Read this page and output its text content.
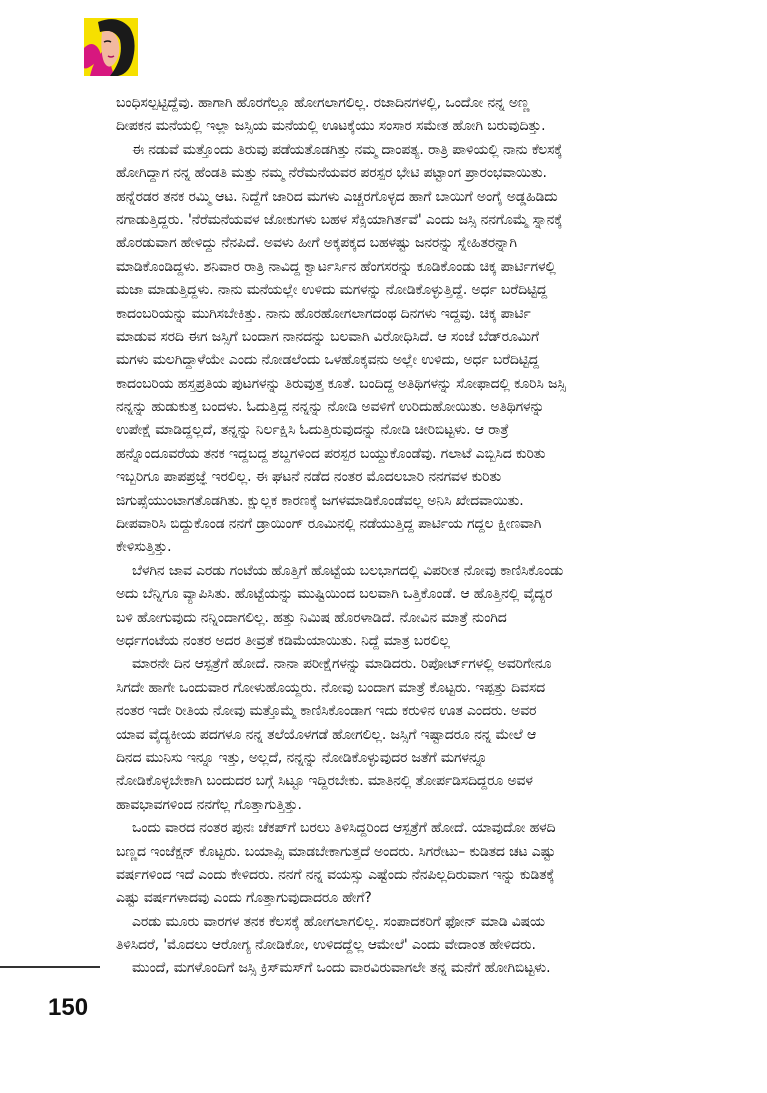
ಬಂಧಿಸಲ್ಪಟ್ಟಿದ್ದೆವು. ಹಾಗಾಗಿ ಹೊರಗೆಲ್ಲೂ ಹೋಗಲಾಗಲಿಲ್ಲ. ರಜಾದಿನಗಳಲ್ಲಿ, ಒಂದೋ ನನ್ನ ಅಣ್ಣ
ದೀಪಕನ ಮನೆಯಲ್ಲಿ ಇಲ್ಲಾ ಜಸ್ಸಿಯ ಮನೆಯಲ್ಲಿ ಊಟಕ್ಕೆಯು ಸಂಸಾರ ಸಮೇತ ಹೋಗಿ ಬರುವುದಿತ್ತು.
ಈ ನಡುವೆ ಮತ್ತೊಂದು ತಿರುವು ಪಡೆಯತೊಡಗಿತ್ತು ನಮ್ಮ ದಾಂಪತ್ಯ. ರಾತ್ರಿ ಪಾಳಿಯಲ್ಲಿ ನಾನು ಕೆಲಸಕ್ಕೆ
ಹೋಗಿದ್ದಾಗ ನನ್ನ ಹೆಂಡತಿ ಮತ್ತು ನಮ್ಮ ನೆರೆಮನೆಯವರ ಪರಸ್ಪರ ಭೇಟಿ ಪಟ್ಟಾಂಗ ಪ್ರಾರಂಭವಾಯಿತು.
ಹನ್ನೆರಡರ ತನಕ ರಮ್ಮಿ ಆಟ. ನಿದ್ದೆಗೆ ಜಾರಿದ ಮಗಳು ಎಚ್ಚರಗೊಳ್ಳದ ಹಾಗೆ ಬಾಯಿಗೆ ಅಂಗೈ ಅಡ್ಡಹಿಡಿದು
ನಗಾಡುತ್ತಿದ್ದರು. 'ನೆರೆಮನೆಯವಳ ಜೋಕುಗಳು ಬಹಳ ಸೆಕ್ಸಿಯಾಗಿರ್ತವೆ' ಎಂದು ಜಸ್ಸಿ ನನಗೊಮ್ಮೆ ಸ್ನಾನಕ್ಕೆ
ಹೊರಡುವಾಗ ಹೇಳಿದ್ದು ನೆನಪಿದೆ. ಅವಳು ಹೀಗೆ ಅಕ್ಕಪಕ್ಕದ ಬಹಳಷ್ಟು ಜನರನ್ನು ಸ್ನೇಹಿತರನ್ನಾಗಿ
ಮಾಡಿಕೊಂಡಿದ್ದಳು. ಶನಿವಾರ ರಾತ್ರಿ ನಾವಿದ್ದ ಕ್ವಾರ್ಟರ್ಸಿನ ಹೆಂಗಸರನ್ನು ಕೂಡಿಕೊಂಡು ಚಿಕ್ಕ ಪಾರ್ಟಿಗಳಲ್ಲಿ
ಮಜಾ ಮಾಡುತ್ತಿದ್ದಳು. ನಾನು ಮನೆಯಲ್ಲೇ ಉಳಿದು ಮಗಳನ್ನು ನೋಡಿಕೊಳ್ಳುತ್ತಿದ್ದೆ. ಅರ್ಧ ಬರೆದಿಟ್ಟಿದ್ದ
ಕಾದಂಬರಿಯನ್ನು ಮುಗಿಸಬೇಕಿತ್ತು. ನಾನು ಹೊರಹೋಗಲಾಗದಂಥ ದಿನಗಳು ಇದ್ದವು. ಚಿಕ್ಕ ಪಾರ್ಟಿ
ಮಾಡುವ ಸರದಿ ಈಗ ಜಸ್ಸಿಗೆ ಬಂದಾಗ ನಾನದನ್ನು ಬಲವಾಗಿ ವಿರೋಧಿಸಿದೆ. ಆ ಸಂಜೆ ಬೆಡ್‌ರೂಮಿಗೆ
ಮಗಳು ಮಲಗಿದ್ದಾಳೆಯೇ ಎಂದು ನೋಡಲೆಂದು ಒಳಹೊಕ್ಕವನು ಅಲ್ಲೇ ಉಳಿದು, ಅರ್ಧ ಬರೆದಿಟ್ಟಿದ್ದ
ಕಾದಂಬರಿಯ ಹಸ್ತಪ್ರತಿಯ ಪುಟಗಳನ್ನು ತಿರುವುತ್ತ ಕೂತೆ. ಬಂದಿದ್ದ ಅತಿಥಿಗಳನ್ನು ಸೋಫಾದಲ್ಲಿ ಕೂರಿಸಿ ಜಸ್ಸಿ
ನನ್ನನ್ನು ಹುಡುಕುತ್ತ ಬಂದಳು. ಓದುತ್ತಿದ್ದ ನನ್ನನ್ನು ನೋಡಿ ಅವಳಿಗೆ ಉರಿದುಹೋಯಿತು. ಅತಿಥಿಗಳನ್ನು
ಉಪೇಕ್ಷೆ ಮಾಡಿದ್ದಲ್ಲದೆ, ತನ್ನನ್ನು ನಿರ್ಲಕ್ಷಿಸಿ ಓದುತ್ತಿರುವುದನ್ನು ನೋಡಿ ಚೀರಿಬಿಟ್ಟಳು. ಆ ರಾತ್ರೆ
ಹನ್ನೊಂದೂವರೆಯ ತನಕ ಇದ್ದಬದ್ದ ಶಬ್ದಗಳಿಂದ ಪರಸ್ಪರ ಬಯ್ದುಕೊಂಡೆವು. ಗಲಾಟೆ ಎಬ್ಬಿಸಿದ ಕುರಿತು
ಇಬ್ಬರಿಗೂ ಪಾಪಪ್ರಜ್ಞೆ ಇರಲಿಲ್ಲ. ಈ ಘಟನೆ ನಡೆದ ನಂತರ ಮೊದಲಬಾರಿ ನನಗವಳ ಕುರಿತು
ಜಿಗುಪ್ಸೆಯುಂಟಾಗತೊಡಗಿತು. ಕ್ಷುಲ್ಲಕ ಕಾರಣಕ್ಕೆ ಜಗಳಮಾಡಿಕೊಂಡೆವಲ್ಲ ಅನಿಸಿ ಖೇದವಾಯಿತು.
ದೀಪವಾರಿಸಿ ಬಿದ್ದುಕೊಂಡ ನನಗೆ ಡ್ರಾಯಿಂಗ್ ರೂಮಿನಲ್ಲಿ ನಡೆಯುತ್ತಿದ್ದ ಪಾರ್ಟಿಯ ಗದ್ದಲ ಕ್ಷೀಣವಾಗಿ
ಕೇಳಿಸುತ್ತಿತ್ತು.
ಬೆಳಗಿನ ಜಾವ ಎರಡು ಗಂಟೆಯ ಹೊತ್ತಿಗೆ ಹೊಟ್ಟೆಯ ಬಲಭಾಗದಲ್ಲಿ ವಿಪರೀತ ನೋವು ಕಾಣಿಸಿಕೊಂಡು
ಅದು ಬೆನ್ನಿಗೂ ವ್ಯಾಪಿಸಿತು. ಹೊಟ್ಟೆಯನ್ನು ಮುಷ್ಟಿಯಿಂದ ಬಲವಾಗಿ ಒತ್ತಿಕೊಂಡೆ. ಆ ಹೊತ್ತಿನಲ್ಲಿ ವೈದ್ಯರ
ಬಳಿ ಹೋಗುವುದು ನನ್ನಿಂದಾಗಲಿಲ್ಲ. ಹತ್ತು ನಿಮಿಷ ಹೊರಳಾಡಿದೆ. ನೋವಿನ ಮಾತ್ರೆ ನುಂಗಿದ
ಅರ್ಧಗಂಟೆಯ ನಂತರ ಅದರ ತೀವ್ರತೆ ಕಡಿಮೆಯಾಯಿತು. ನಿದ್ದೆ ಮಾತ್ರ ಬರಲಿಲ್ಲ
ಮಾರನೇ ದಿನ ಆಸ್ಪತ್ರೆಗೆ ಹೋದೆ. ನಾನಾ ಪರೀಕ್ಷೆಗಳನ್ನು ಮಾಡಿದರು. ರಿಪೋರ್ಟ್‌ಗಳಲ್ಲಿ ಅವರಿಗೇನೂ
ಸಿಗದೇ ಹಾಗೇ ಒಂದುವಾರ ಗೋಳುಹೊಯ್ದರು. ನೋವು ಬಂದಾಗ ಮಾತ್ರೆ ಕೊಟ್ಟರು. ಇಪ್ಪತ್ತು ದಿವಸದ
ನಂತರ ಇದೇ ರೀತಿಯ ನೋವು ಮತ್ತೊಮ್ಮೆ ಕಾಣಿಸಿಕೊಂಡಾಗ ಇದು ಕರುಳಿನ ಊತ ಎಂದರು. ಅವರ
ಯಾವ ವೈದ್ಯಕೀಯ ಪದಗಳೂ ನನ್ನ ತಲೆಯೊಳಗಡೆ ಹೋಗಲಿಲ್ಲ. ಜಸ್ಸಿಗೆ ಇಷ್ಟಾದರೂ ನನ್ನ ಮೇಲೆ ಆ
ದಿನದ ಮುನಿಸು ಇನ್ನೂ ಇತ್ತು, ಅಲ್ಲದೆ, ನನ್ನನ್ನು ನೋಡಿಕೊಳ್ಳುವುದರ ಜತೆಗೆ ಮಗಳನ್ನೂ
ನೋಡಿಕೊಳ್ಳಬೇಕಾಗಿ ಬಂದುದರ ಬಗ್ಗೆ ಸಿಟ್ಟೂ ಇದ್ದಿರಬೇಕು. ಮಾತಿನಲ್ಲಿ ತೋರ್ಪಡಿಸದಿದ್ದರೂ ಅವಳ
ಹಾವಭಾವಗಳಿಂದ ನನಗೆಲ್ಲ ಗೊತ್ತಾಗುತ್ತಿತ್ತು.
ಒಂದು ವಾರದ ನಂತರ ಪುನಃ ಚೆಕಪ್‌ಗೆ ಬರಲು ತಿಳಿಸಿದ್ದರಿಂದ ಆಸ್ಪತ್ರೆಗೆ ಹೋದೆ. ಯಾವುದೋ ಹಳದಿ
ಬಣ್ಣದ ಇಂಜೆಕ್ಷನ್ ಕೊಟ್ಟರು. ಬಯಾಪ್ಸಿ ಮಾಡಬೇಕಾಗುತ್ತದೆ ಅಂದರು. ಸಿಗರೇಟು– ಕುಡಿತದ ಚಟ ಎಷ್ಟು
ವರ್ಷಗಳಿಂದ ಇದೆ ಎಂದು ಕೇಳಿದರು. ನನಗೆ ನನ್ನ ವಯಸ್ಸು ಎಷ್ಟೆಂದು ನೆನಪಿಲ್ಲದಿರುವಾಗ ಇನ್ನು ಕುಡಿತಕ್ಕೆ
ಎಷ್ಟು ವರ್ಷಗಳಾದವು ಎಂದು ಗೊತ್ತಾಗುವುದಾದರೂ ಹೇಗೆ?
ಎರಡು ಮೂರು ವಾರಗಳ ತನಕ ಕೆಲಸಕ್ಕೆ ಹೋಗಲಾಗಲಿಲ್ಲ. ಸಂಪಾದಕರಿಗೆ ಫೋನ್ ಮಾಡಿ ವಿಷಯ
ತಿಳಿಸಿದರೆ, 'ಮೊದಲು ಆರೋಗ್ಯ ನೋಡಿಕೋ, ಉಳಿದದ್ದೆಲ್ಲ ಆಮೇಲೆ' ಎಂದು ವೇದಾಂತ ಹೇಳಿದರು.
ಮುಂದೆ, ಮಗಳೊಂದಿಗೆ ಜಸ್ಸಿ ಕ್ರಿಸ್‌ಮಸ್‌ಗೆ ಒಂದು ವಾರವಿರುವಾಗಲೇ ತನ್ನ ಮನೆಗೆ ಹೋಗಿಬಿಟ್ಟಳು.
150
